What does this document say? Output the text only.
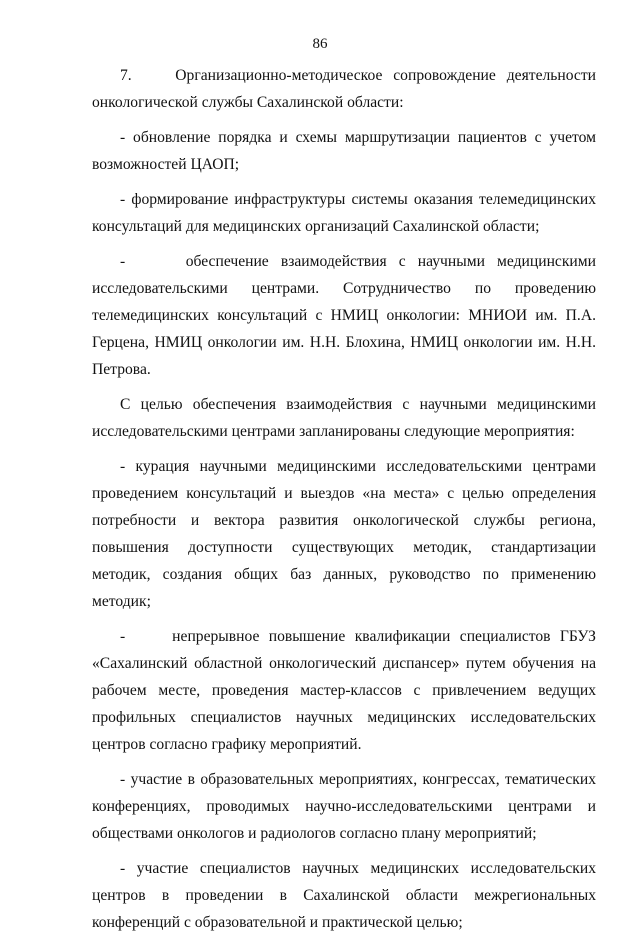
86

7.    Организационно-методическое сопровождение деятельности онкологической службы Сахалинской области:

- обновление порядка и схемы маршрутизации пациентов с учетом возможностей ЦАОП;

- формирование инфраструктуры системы оказания телемедицинских консультаций для медицинских организаций Сахалинской области;

-     обеспечение взаимодействия с научными медицинскими исследовательскими центрами. Сотрудничество по проведению телемедицинских консультаций с НМИЦ онкологии: МНИОИ им. П.А. Герцена, НМИЦ онкологии им. Н.Н. Блохина, НМИЦ онкологии им. Н.Н. Петрова.

С целью обеспечения взаимодействия с научными медицинскими исследовательскими центрами запланированы следующие мероприятия:

- курация научными медицинскими исследовательскими центрами проведением консультаций и выездов «на места» с целью определения потребности и вектора развития онкологической службы региона, повышения доступности существующих методик, стандартизации методик, создания общих баз данных, руководство по применению методик;

-     непрерывное повышение квалификации специалистов ГБУЗ «Сахалинский областной онкологический диспансер» путем обучения на рабочем месте, проведения мастер-классов с привлечением ведущих профильных специалистов научных медицинских исследовательских центров согласно графику мероприятий.

- участие в образовательных мероприятиях, конгрессах, тематических конференциях, проводимых научно-исследовательскими центрами и обществами онкологов и радиологов согласно плану мероприятий;

- участие специалистов научных медицинских исследовательских центров в проведении в Сахалинской области межрегиональных конференций с образовательной и практической целью;
